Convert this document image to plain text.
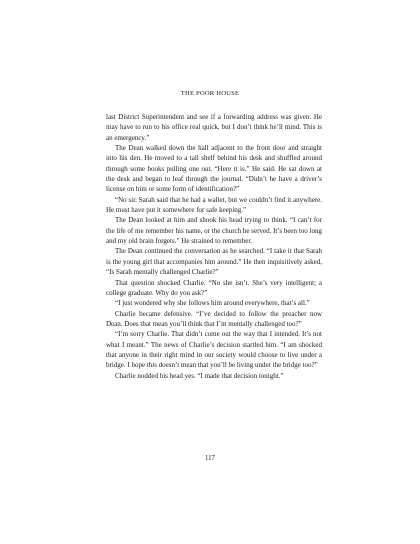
THE POOR HOUSE

last District Superintendent and see if a forwarding address was given. He may have to run to his office real quick, but I don’t think he’ll mind. This is an emergency.”

The Dean walked down the hall adjacent to the front door and straight into his den. He moved to a tall shelf behind his desk and shuffled around through some books pulling one out. “Here it is.” He said. He sat down at the desk and began to leaf through the journal. “Didn’t he have a driver’s license on him or some form of identification?”

“No sir. Sarah said that he had a wallet, but we couldn’t find it anywhere. He must have put it somewhere for safe keeping.”

The Dean looked at him and shook his head trying to think. “I can’t for the life of me remember his name, or the church he served. It’s been too long and my old brain forgets.” He strained to remember.

The Dean continued the conversation as he searched. “I take it that Sarah is the young girl that accompanies him around.” He then inquisitively asked, “Is Sarah mentally challenged Charlie?”

That question shocked Charlie. “No she isn’t. She’s very intelligent; a college graduate. Why do you ask?”

“I just wondered why she follows him around everywhere, that’s all.”

Charlie became defensive. “I’ve decided to follow the preacher now Dean. Does that mean you’ll think that I’m mentally challenged too?”

“I’m sorry Charlie. That didn’t come out the way that I intended. It’s not what I meant.” The news of Charlie’s decision startled him. “I am shocked that anyone in their right mind in our society would choose to live under a bridge. I hope this doesn’t mean that you’ll be living under the bridge too?”

Charlie nodded his head yes. “I made that decision tonight.”

117
